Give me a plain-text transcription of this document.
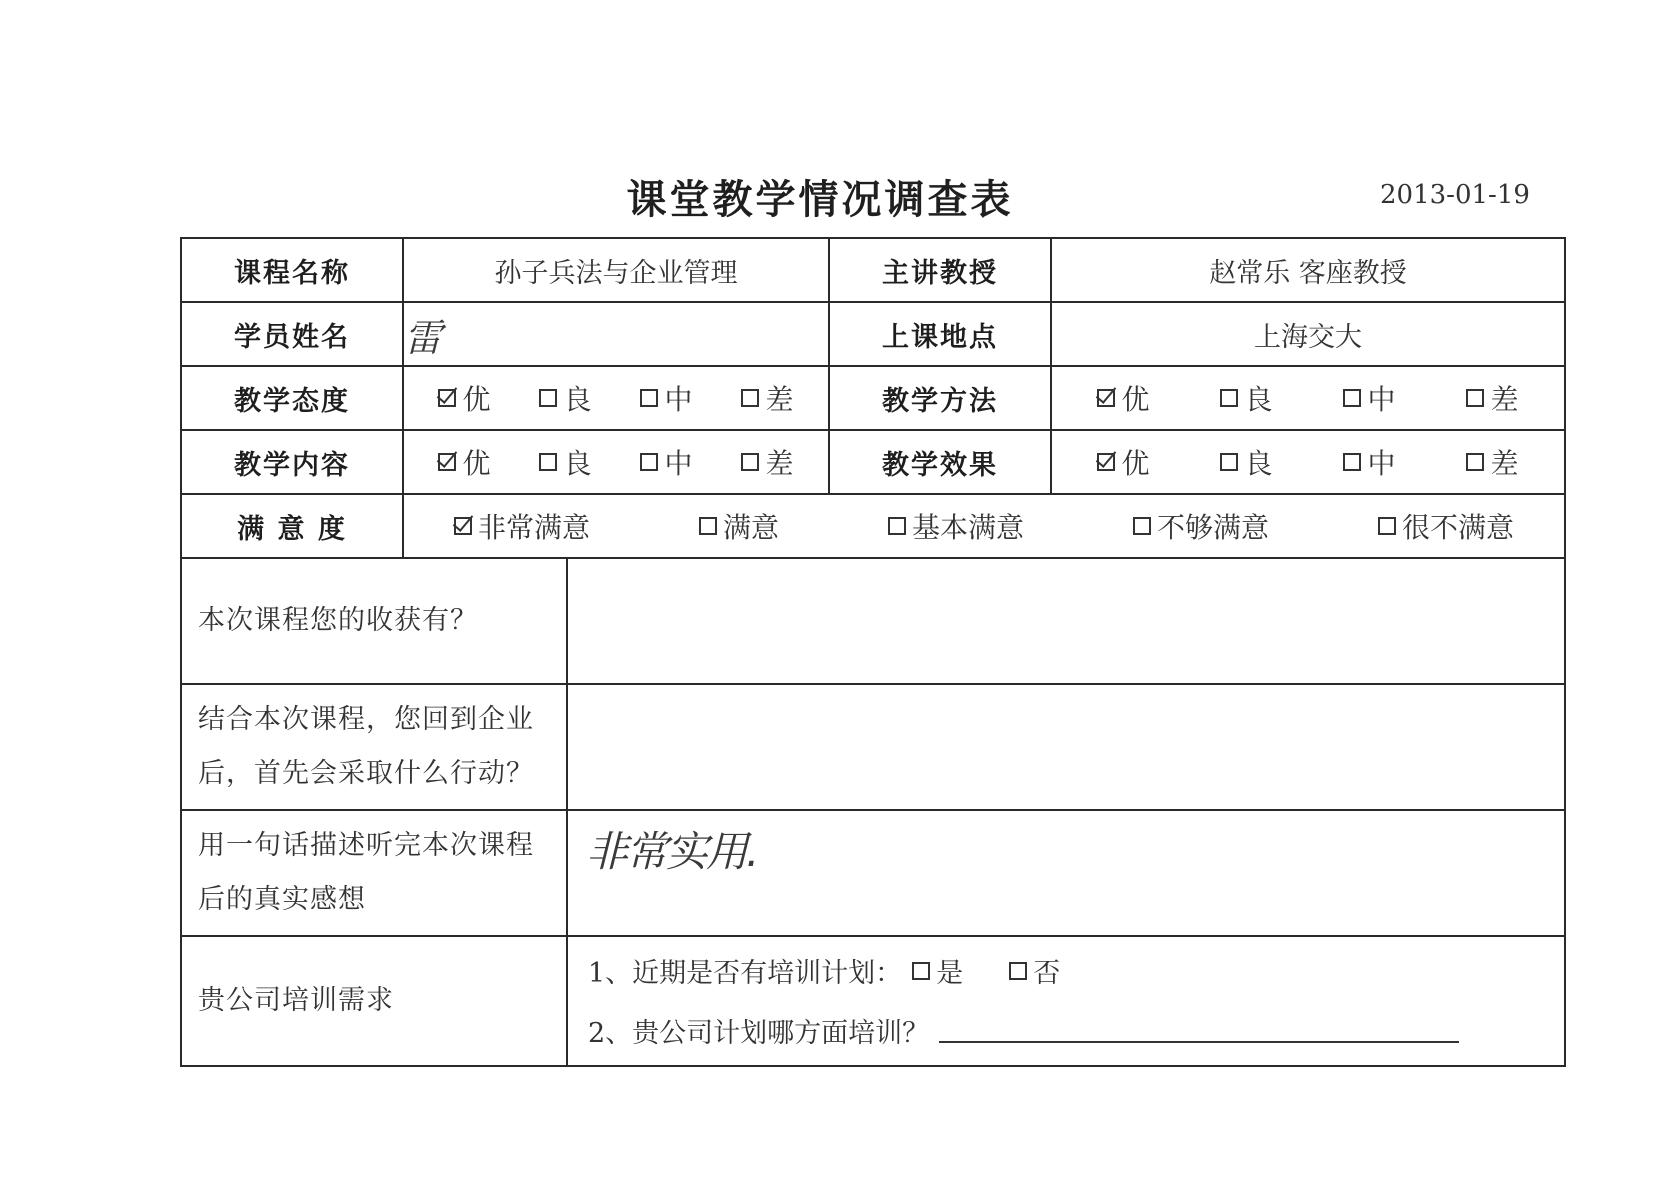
课堂教学情况调查表	2013-01-19
课程名称	孙子兵法与企业管理		主讲教授	赵常乐 客座教授
学员姓名	雷		上课地点	上海交大
教学态度	优 良 中 差		教学方法	优 良 中 差

教学内容	优 良 中 差		教学效果	优 良 中 差

满 意 度	非常满意 满意 基本满意 不够满意 很不满意			

本次课程您的收获有？				
结合本次课程，您回到企业后，首先会采取什么行动？				
用一句话描述听完本次课程后的真实感想		非常实用.		
贵公司培训需求		1、近期是否有培训计划： 是 否
2、贵公司计划哪方面培训？		
